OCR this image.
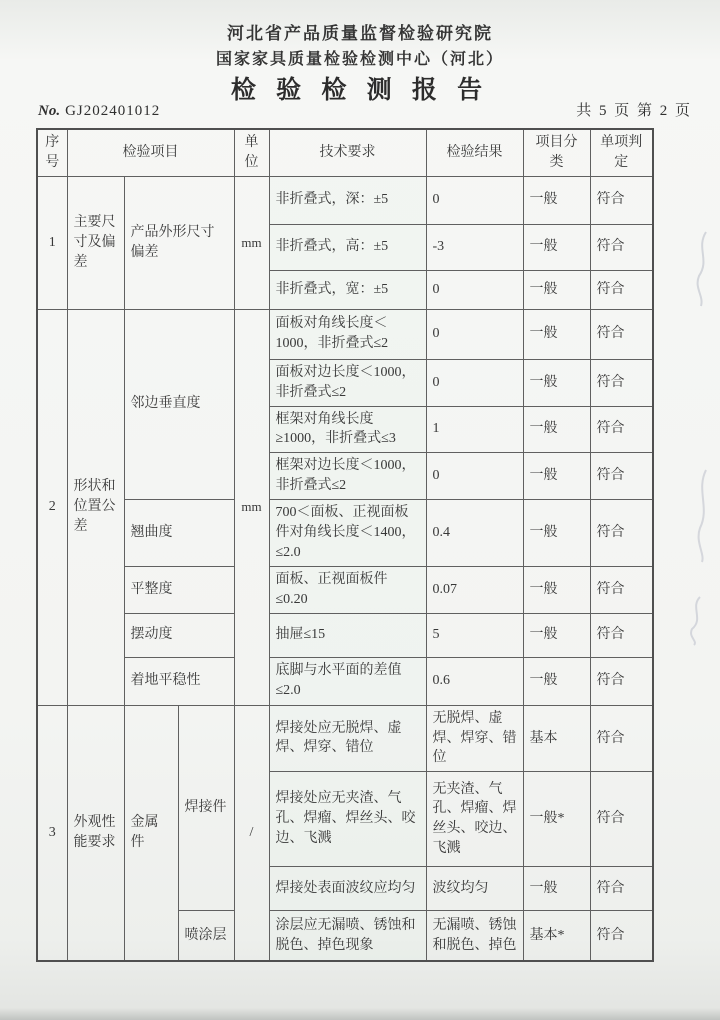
河北省产品质量监督检验研究院
国家家具质量检验检测中心（河北）
检 验 检 测 报 告
No. GJ202401012	共 5 页 第 2 页
序号	检验项目			单位	技术要求	检验结果	项目分类	单项判定
1	主要尺寸及偏差	产品外形尺寸偏差		mm	非折叠式，深：±5	0	一般	符合
					非折叠式，高：±5	-3	一般	符合
					非折叠式，宽：±5	0	一般	符合
2	形状和位置公差	邻边垂直度		mm	面板对角线长度＜1000，非折叠式≤2	0	一般	符合
					面板对边长度＜1000，非折叠式≤2	0	一般	符合
					框架对角线长度≥1000，非折叠式≤3	1	一般	符合
					框架对边长度＜1000，非折叠式≤2	0	一般	符合
		翘曲度			700＜面板、正视面板件对角线长度＜1400，≤2.0	0.4	一般	符合
		平整度			面板、正视面板件≤0.20	0.07	一般	符合
		摆动度			抽屉≤15	5	一般	符合
		着地平稳性			底脚与水平面的差值≤2.0	0.6	一般	符合
3	外观性能要求	金属件	焊接件	/	焊接处应无脱焊、虚焊、焊穿、错位	无脱焊、虚焊、焊穿、错位	基本	符合
					焊接处应无夹渣、气孔、焊瘤、焊丝头、咬边、飞溅	无夹渣、气孔、焊瘤、焊丝头、咬边、飞溅	一般*	符合
					焊接处表面波纹应均匀	波纹均匀	一般	符合
			喷涂层		涂层应无漏喷、锈蚀和脱色、掉色现象	无漏喷、锈蚀和脱色、掉色	基本*	符合
